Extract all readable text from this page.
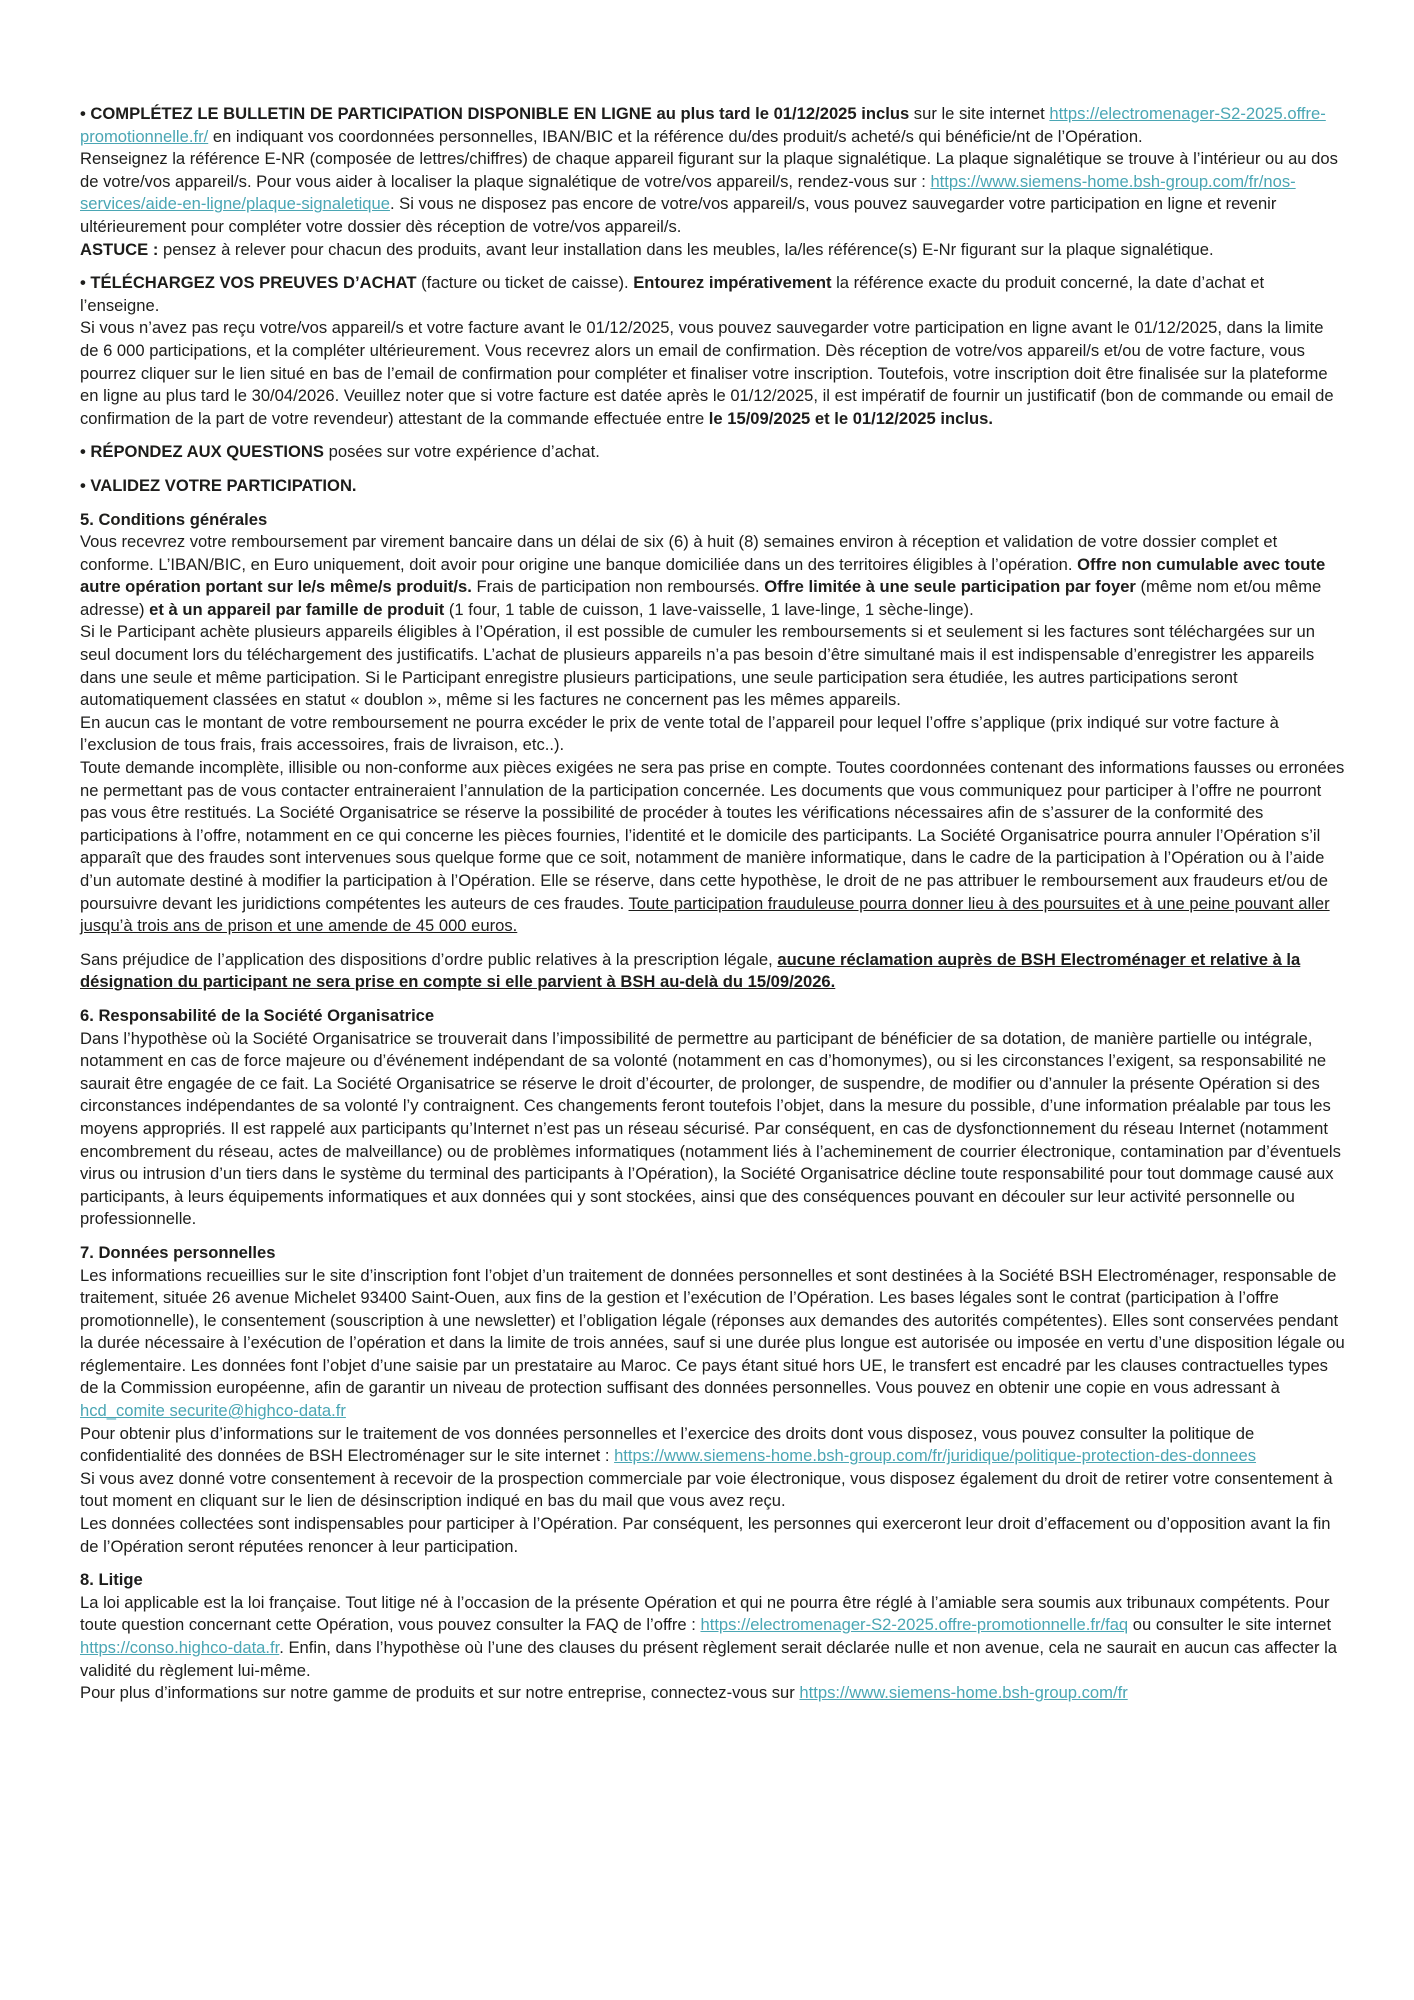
• COMPLÉTEZ LE BULLETIN DE PARTICIPATION DISPONIBLE EN LIGNE au plus tard le 01/12/2025 inclus sur le site internet https://electromenager-S2-2025.offre-promotionnelle.fr/ en indiquant vos coordonnées personnelles, IBAN/BIC et la référence du/des produit/s acheté/s qui bénéficie/nt de l’Opération.

Renseignez la référence E-NR (composée de lettres/chiffres) de chaque appareil figurant sur la plaque signalétique. La plaque signalétique se trouve à l’intérieur ou au dos de votre/vos appareil/s. Pour vous aider à localiser la plaque signalétique de votre/vos appareil/s, rendez-vous sur : https://www.siemens-home.bsh-group.com/fr/nos-services/aide-en-ligne/plaque-signaletique. Si vous ne disposez pas encore de votre/vos appareil/s, vous pouvez sauvegarder votre participation en ligne et revenir ultérieurement pour compléter votre dossier dès réception de votre/vos appareil/s.

ASTUCE : pensez à relever pour chacun des produits, avant leur installation dans les meubles, la/les référence(s) E-Nr figurant sur la plaque signalétique.

• TÉLÉCHARGEZ VOS PREUVES D’ACHAT (facture ou ticket de caisse). Entourez impérativement la référence exacte du produit concerné, la date d’achat et l’enseigne.

Si vous n’avez pas reçu votre/vos appareil/s et votre facture avant le 01/12/2025, vous pouvez sauvegarder votre participation en ligne avant le 01/12/2025, dans la limite de 6 000 participations, et la compléter ultérieurement. Vous recevrez alors un email de confirmation. Dès réception de votre/vos appareil/s et/ou de votre facture, vous pourrez cliquer sur le lien situé en bas de l’email de confirmation pour compléter et finaliser votre inscription. Toutefois, votre inscription doit être finalisée sur la plateforme en ligne au plus tard le 30/04/2026. Veuillez noter que si votre facture est datée après le 01/12/2025, il est impératif de fournir un justificatif (bon de commande ou email de confirmation de la part de votre revendeur) attestant de la commande effectuée entre le 15/09/2025 et le 01/12/2025 inclus.

• RÉPONDEZ AUX QUESTIONS posées sur votre expérience d’achat.

• VALIDEZ VOTRE PARTICIPATION.

5. Conditions générales

Vous recevrez votre remboursement par virement bancaire dans un délai de six (6) à huit (8) semaines environ à réception et validation de votre dossier complet et conforme. L’IBAN/BIC, en Euro uniquement, doit avoir pour origine une banque domiciliée dans un des territoires éligibles à l’opération. Offre non cumulable avec toute autre opération portant sur le/s même/s produit/s. Frais de participation non remboursés. Offre limitée à une seule participation par foyer (même nom et/ou même adresse) et à un appareil par famille de produit (1 four, 1 table de cuisson, 1 lave-vaisselle, 1 lave-linge, 1 sèche-linge).

Si le Participant achète plusieurs appareils éligibles à l’Opération, il est possible de cumuler les remboursements si et seulement si les factures sont téléchargées sur un seul document lors du téléchargement des justificatifs. L’achat de plusieurs appareils n’a pas besoin d’être simultané mais il est indispensable d’enregistrer les appareils dans une seule et même participation. Si le Participant enregistre plusieurs participations, une seule participation sera étudiée, les autres participations seront automatiquement classées en statut « doublon », même si les factures ne concernent pas les mêmes appareils.

En aucun cas le montant de votre remboursement ne pourra excéder le prix de vente total de l’appareil pour lequel l’offre s’applique (prix indiqué sur votre facture à l’exclusion de tous frais, frais accessoires, frais de livraison, etc..).

Toute demande incomplète, illisible ou non-conforme aux pièces exigées ne sera pas prise en compte. Toutes coordonnées contenant des informations fausses ou erronées ne permettant pas de vous contacter entraineraient l’annulation de la participation concernée. Les documents que vous communiquez pour participer à l’offre ne pourront pas vous être restitués. La Société Organisatrice se réserve la possibilité de procéder à toutes les vérifications nécessaires afin de s’assurer de la conformité des participations à l’offre, notamment en ce qui concerne les pièces fournies, l’identité et le domicile des participants. La Société Organisatrice pourra annuler l’Opération s’il apparaît que des fraudes sont intervenues sous quelque forme que ce soit, notamment de manière informatique, dans le cadre de la participation à l’Opération ou à l’aide d’un automate destiné à modifier la participation à l’Opération. Elle se réserve, dans cette hypothèse, le droit de ne pas attribuer le remboursement aux fraudeurs et/ou de poursuivre devant les juridictions compétentes les auteurs de ces fraudes. Toute participation frauduleuse pourra donner lieu à des poursuites et à une peine pouvant aller jusqu’à trois ans de prison et une amende de 45 000 euros.

Sans préjudice de l’application des dispositions d’ordre public relatives à la prescription légale, aucune réclamation auprès de BSH Electroménager et relative à la désignation du participant ne sera prise en compte si elle parvient à BSH au-delà du 15/09/2026.

6. Responsabilité de la Société Organisatrice

Dans l’hypothèse où la Société Organisatrice se trouverait dans l’impossibilité de permettre au participant de bénéficier de sa dotation, de manière partielle ou intégrale, notamment en cas de force majeure ou d’événement indépendant de sa volonté (notamment en cas d’homonymes), ou si les circonstances l’exigent, sa responsabilité ne saurait être engagée de ce fait. La Société Organisatrice se réserve le droit d’écourter, de prolonger, de suspendre, de modifier ou d’annuler la présente Opération si des circonstances indépendantes de sa volonté l’y contraignent. Ces changements feront toutefois l’objet, dans la mesure du possible, d’une information préalable par tous les moyens appropriés. Il est rappelé aux participants qu’Internet n’est pas un réseau sécurisé. Par conséquent, en cas de dysfonctionnement du réseau Internet (notamment encombrement du réseau, actes de malveillance) ou de problèmes informatiques (notamment liés à l’acheminement de courrier électronique, contamination par d’éventuels virus ou intrusion d’un tiers dans le système du terminal des participants à l’Opération), la Société Organisatrice décline toute responsabilité pour tout dommage causé aux participants, à leurs équipements informatiques et aux données qui y sont stockées, ainsi que des conséquences pouvant en découler sur leur activité personnelle ou professionnelle.

7. Données personnelles

Les informations recueillies sur le site d’inscription font l’objet d’un traitement de données personnelles et sont destinées à la Société BSH Electroménager, responsable de traitement, située 26 avenue Michelet 93400 Saint-Ouen, aux fins de la gestion et l’exécution de l’Opération. Les bases légales sont le contrat (participation à l’offre promotionnelle), le consentement (souscription à une newsletter) et l’obligation légale (réponses aux demandes des autorités compétentes). Elles sont conservées pendant la durée nécessaire à l’exécution de l’opération et dans la limite de trois années, sauf si une durée plus longue est autorisée ou imposée en vertu d’une disposition légale ou réglementaire. Les données font l’objet d’une saisie par un prestataire au Maroc. Ce pays étant situé hors UE, le transfert est encadré par les clauses contractuelles types de la Commission européenne, afin de garantir un niveau de protection suffisant des données personnelles. Vous pouvez en obtenir une copie en vous adressant à hcd_comite securite@highco-data.fr

Pour obtenir plus d’informations sur le traitement de vos données personnelles et l’exercice des droits dont vous disposez, vous pouvez consulter la politique de confidentialité des données de BSH Electroménager sur le site internet : https://www.siemens-home.bsh-group.com/fr/juridique/politique-protection-des-donnees

Si vous avez donné votre consentement à recevoir de la prospection commerciale par voie électronique, vous disposez également du droit de retirer votre consentement à tout moment en cliquant sur le lien de désinscription indiqué en bas du mail que vous avez reçu.

Les données collectées sont indispensables pour participer à l’Opération. Par conséquent, les personnes qui exerceront leur droit d’effacement ou d’opposition avant la fin de l’Opération seront réputées renoncer à leur participation.

8. Litige

La loi applicable est la loi française. Tout litige né à l’occasion de la présente Opération et qui ne pourra être réglé à l’amiable sera soumis aux tribunaux compétents. Pour toute question concernant cette Opération, vous pouvez consulter la FAQ de l’offre : https://electromenager-S2-2025.offre-promotionnelle.fr/faq ou consulter le site internet https://conso.highco-data.fr. Enfin, dans l’hypothèse où l’une des clauses du présent règlement serait déclarée nulle et non avenue, cela ne saurait en aucun cas affecter la validité du règlement lui-même.

Pour plus d’informations sur notre gamme de produits et sur notre entreprise, connectez-vous sur https://www.siemens-home.bsh-group.com/fr
